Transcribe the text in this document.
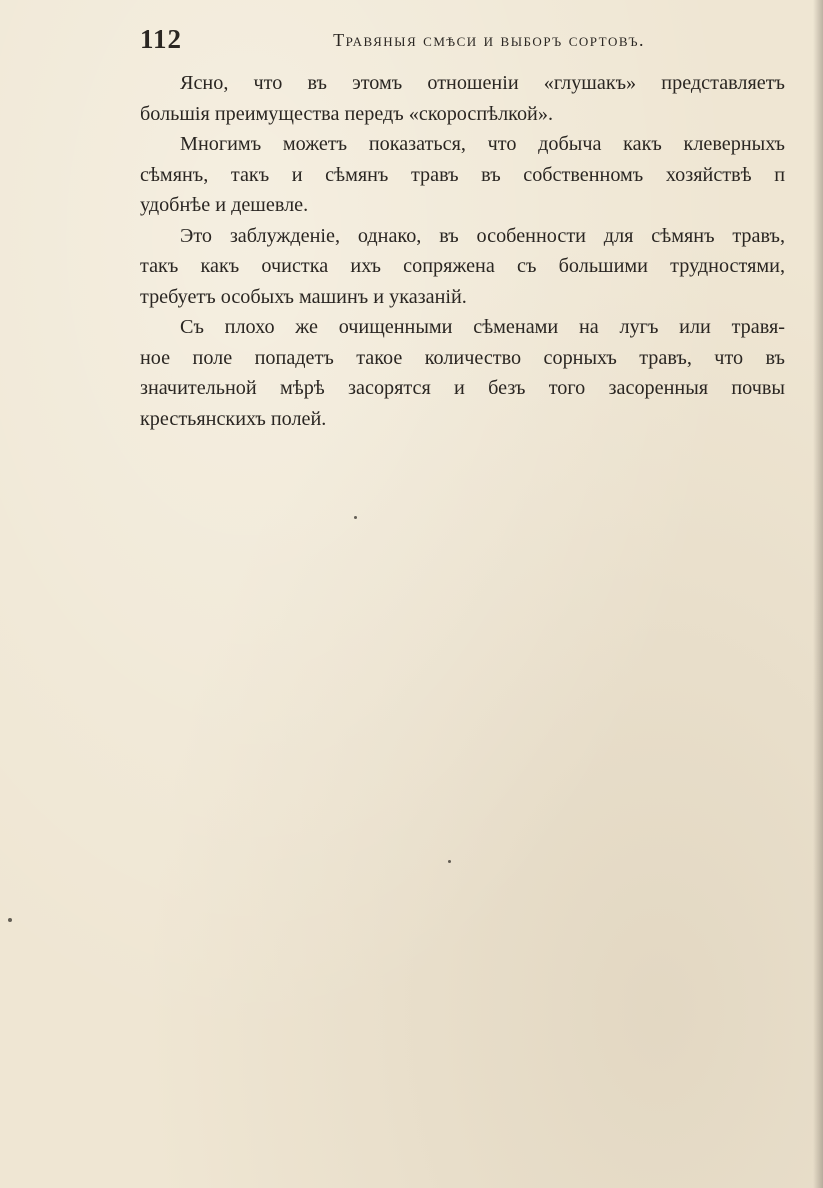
112	Травяныя смѣси и выборъ сортовъ.

Ясно, что въ этомъ отношеніи «глушакъ» представляетъ
большія преимущества передъ «скороспѣлкой».

Многимъ можетъ показаться, что добыча какъ клеверныхъ
сѣмянъ, такъ и сѣмянъ травъ въ собственномъ хозяйствѣ п
удобнѣе и дешевле.

Это заблужденіе, однако, въ особенности для сѣмянъ травъ,
такъ какъ очистка ихъ сопряжена съ большими трудностями,
требуетъ особыхъ машинъ и указаній.

Съ плохо же очищенными сѣменами на лугъ или травя-
ное поле попадетъ такое количество сорныхъ травъ, что въ
значительной мѣрѣ засорятся и безъ того засоренныя почвы
крестьянскихъ полей.
